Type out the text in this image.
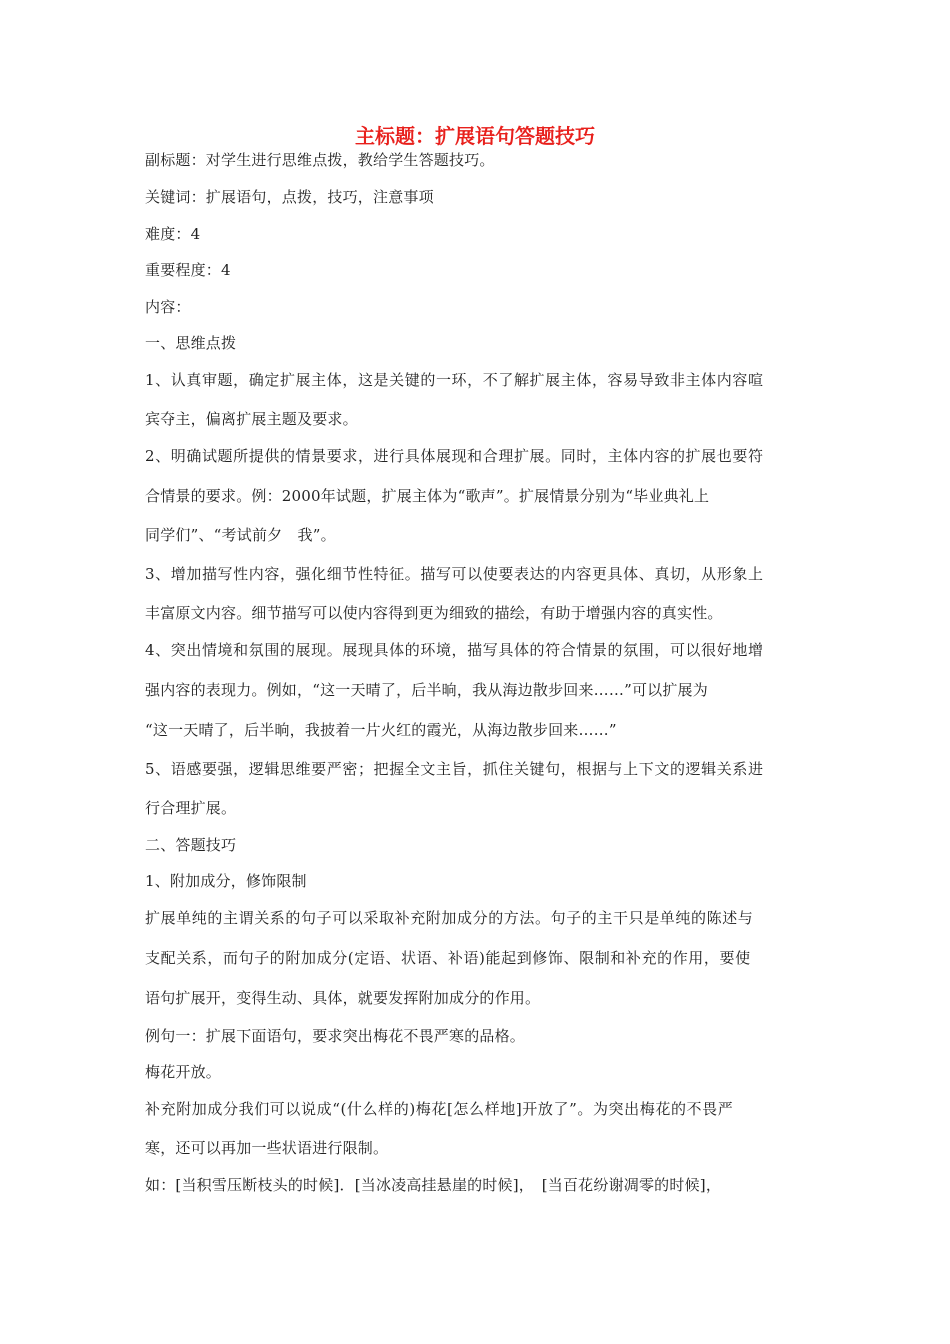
主标题：扩展语句答题技巧
副标题：对学生进行思维点拨，教给学生答题技巧。
关键词：扩展语句，点拨，技巧，注意事项
难度：4
重要程度：4
内容：
一、思维点拨
1、认真审题，确定扩展主体，这是关键的一环，不了解扩展主体，容易导致非主体内容喧
宾夺主，偏离扩展主题及要求。
2、明确试题所提供的情景要求，进行具体展现和合理扩展。同时，主体内容的扩展也要符
合情景的要求。例：2000年试题，扩展主体为“歌声”。扩展情景分别为“毕业典礼上
同学们”、“考试前夕　我”。
3、增加描写性内容，强化细节性特征。描写可以使要表达的内容更具体、真切，从形象上
丰富原文内容。细节描写可以使内容得到更为细致的描绘，有助于增强内容的真实性。
4、突出情境和氛围的展现。展现具体的环境，描写具体的符合情景的氛围，可以很好地增
强内容的表现力。例如，“这一天晴了，后半晌，我从海边散步回来……”可以扩展为
“这一天晴了，后半晌，我披着一片火红的霞光，从海边散步回来……”
5、语感要强，逻辑思维要严密；把握全文主旨，抓住关键句，根据与上下文的逻辑关系进
行合理扩展。
二、答题技巧
1、附加成分，修饰限制
扩展单纯的主谓关系的句子可以采取补充附加成分的方法。句子的主干只是单纯的陈述与
支配关系，而句子的附加成分(定语、状语、补语)能起到修饰、限制和补充的作用，要使
语句扩展开，变得生动、具体，就要发挥附加成分的作用。
例句一：扩展下面语句，要求突出梅花不畏严寒的品格。
梅花开放。
补充附加成分我们可以说成“(什么样的)梅花[怎么样地]开放了”。为突出梅花的不畏严
寒，还可以再加一些状语进行限制。
如：[当积雪压断枝头的时候]．[当冰凌高挂悬崖的时候]，　[当百花纷谢凋零的时候]，
